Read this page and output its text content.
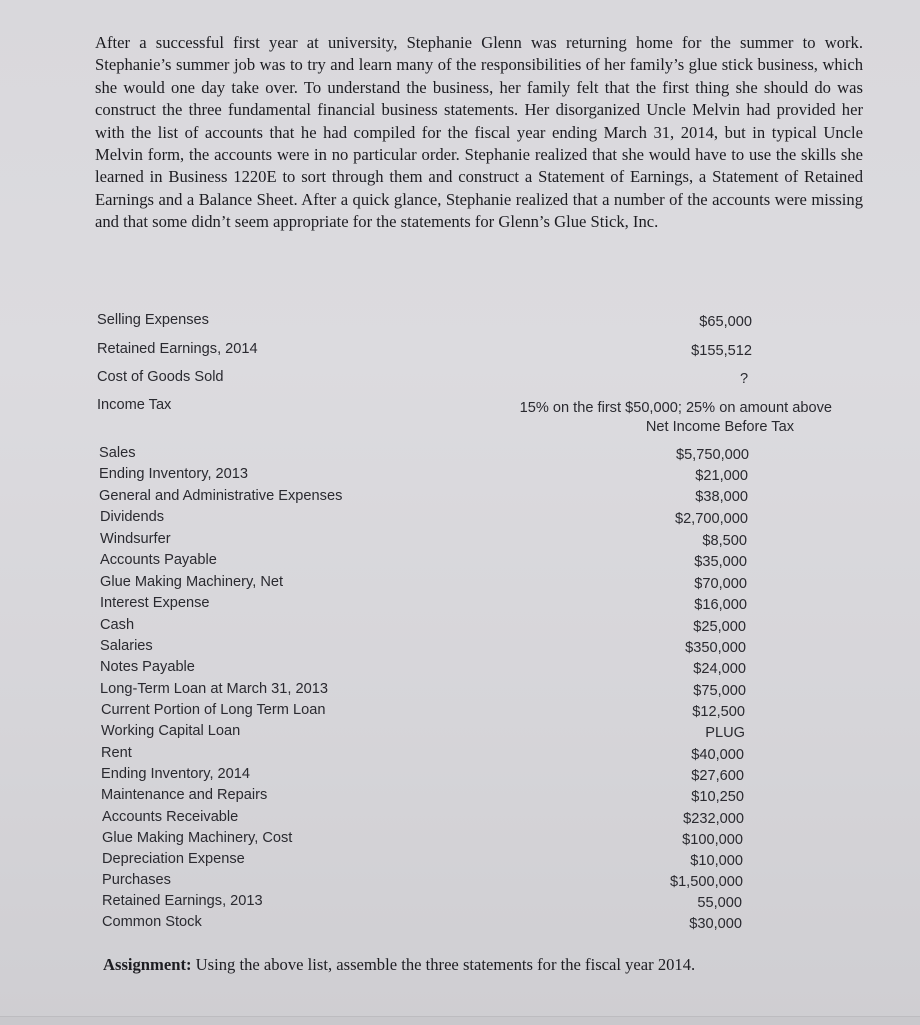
After a successful first year at university, Stephanie Glenn was returning home for the summer to work. Stephanie’s summer job was to try and learn many of the responsibilities of her family’s glue stick business, which she would one day take over. To understand the business, her family felt that the first thing she should do was construct the three fundamental financial business statements. Her disorganized Uncle Melvin had provided her with the list of accounts that he had compiled for the fiscal year ending March 31, 2014, but in typical Uncle Melvin form, the accounts were in no particular order. Stephanie realized that she would have to use the skills she learned in Business 1220E to sort through them and construct a Statement of Earnings, a Statement of Retained Earnings and a Balance Sheet. After a quick glance, Stephanie realized that a number of the accounts were missing and that some didn’t seem appropriate for the statements for Glenn’s Glue Stick, Inc.

Selling Expenses	$65,000
Retained Earnings, 2014	$155,512
Cost of Goods Sold	?
Income Tax	15% on the first $50,000; 25% on amount above
Net Income Before Tax
Sales	$5,750,000
Ending Inventory, 2013	$21,000
General and Administrative Expenses	$38,000
Dividends	$2,700,000
Windsurfer	$8,500
Accounts Payable	$35,000
Glue Making Machinery, Net	$70,000
Interest Expense	$16,000
Cash	$25,000
Salaries	$350,000
Notes Payable	$24,000
Long-Term Loan at March 31, 2013	$75,000
Current Portion of Long Term Loan	$12,500
Working Capital Loan	PLUG
Rent	$40,000
Ending Inventory, 2014	$27,600
Maintenance and Repairs	$10,250
Accounts Receivable	$232,000
Glue Making Machinery, Cost	$100,000
Depreciation Expense	$10,000
Purchases	$1,500,000
Retained Earnings, 2013	55,000
Common Stock	$30,000
Assignment: Using the above list, assemble the three statements for the fiscal year 2014.
